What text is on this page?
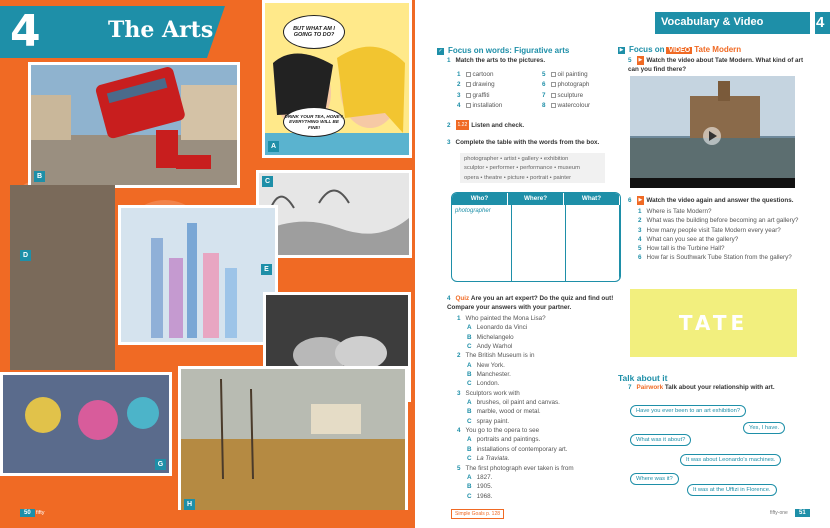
4	The Arts
B
BUT WHAT AM I GOING TO DO?
DRINK YOUR TEA, HONEY, EVERYTHING WILL BE FINE!
A
C
D
E
G
H
50 fifty
Vocabulary & Video	4
✓ Focus on words: Figurative arts
1 Match the arts to the pictures.
1 cartoon	5 oil painting
2 drawing	6 photograph
3 graffiti	7 sculpture
4 installation	8 watercolour
2 1.22 Listen and check.
3 Complete the table with the words from the box.
photographer • artist • gallery • exhibition
sculptor • performer • performance • museum
opera • theatre • picture • portrait • painter
Who?	Where?	What?
photographer
4 Quiz Are you an art expert? Do the quiz and find out! Compare your answers with your partner.
1 Who painted the Mona Lisa?
A Leonardo da Vinci
B Michelangelo
C Andy Warhol
2 The British Museum is in
A New York.
B Manchester.
C London.
3 Sculptors work with
A brushes, oil paint and canvas.
B marble, wood or metal.
C spray paint.
4 You go to the opera to see
A portraits and paintings.
B installations of contemporary art.
C La Traviata.
5 The first photograph ever taken is from
A 1827.
B 1905.
C 1968.
Simple Goals p. 128
▶ Focus on VIDEO Tate Modern
5 ▶ Watch the video about Tate Modern. What kind of art can you find there?
6 ▶ Watch the video again and answer the questions.
1 Where is Tate Modern?
2 What was the building before becoming an art gallery?
3 How many people visit Tate Modern every year?
4 What can you see at the gallery?
5 How tall is the Turbine Hall?
6 How far is Southwark Tube Station from the gallery?
TATE
Talk about it
7 Pairwork Talk about your relationship with art.
Have you ever been to an art exhibition?
Yes, I have.
What was it about?
It was about Leonardo's machines.
Where was it?
It was at the Uffizi in Florence.
fifty-one	51
